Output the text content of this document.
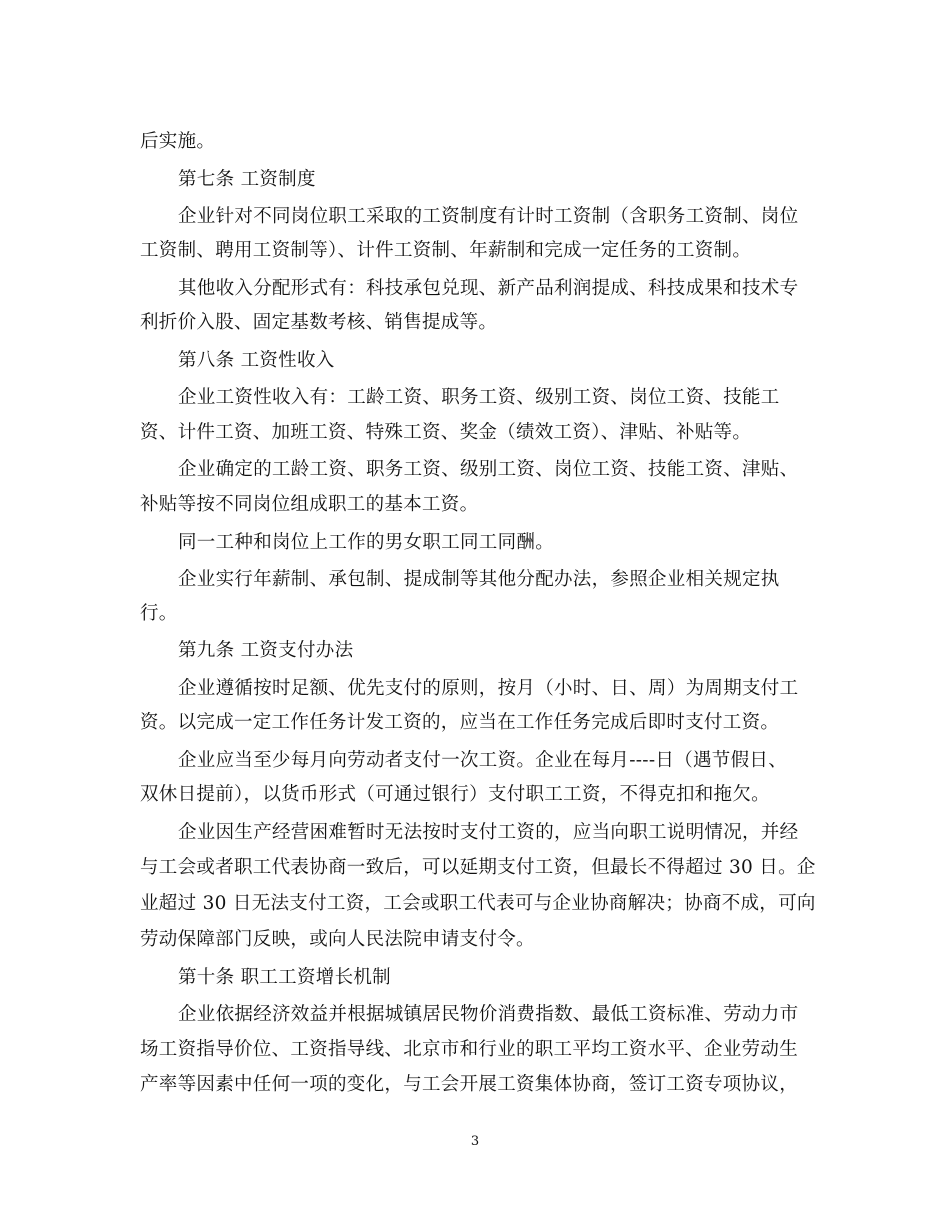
后实施。
第七条 工资制度
企业针对不同岗位职工采取的工资制度有计时工资制（含职务工资制、岗位
工资制、聘用工资制等）、计件工资制、年薪制和完成一定任务的工资制。
其他收入分配形式有：科技承包兑现、新产品利润提成、科技成果和技术专
利折价入股、固定基数考核、销售提成等。
第八条 工资性收入
企业工资性收入有：工龄工资、职务工资、级别工资、岗位工资、技能工
资、计件工资、加班工资、特殊工资、奖金（绩效工资）、津贴、补贴等。
企业确定的工龄工资、职务工资、级别工资、岗位工资、技能工资、津贴、
补贴等按不同岗位组成职工的基本工资。
同一工种和岗位上工作的男女职工同工同酬。
企业实行年薪制、承包制、提成制等其他分配办法，参照企业相关规定执
行。
第九条 工资支付办法
企业遵循按时足额、优先支付的原则，按月（小时、日、周）为周期支付工
资。以完成一定工作任务计发工资的，应当在工作任务完成后即时支付工资。
企业应当至少每月向劳动者支付一次工资。企业在每月----日（遇节假日、
双休日提前），以货币形式（可通过银行）支付职工工资，不得克扣和拖欠。
企业因生产经营困难暂时无法按时支付工资的，应当向职工说明情况，并经
与工会或者职工代表协商一致后，可以延期支付工资，但最长不得超过 30 日。企
业超过 30 日无法支付工资，工会或职工代表可与企业协商解决；协商不成，可向
劳动保障部门反映，或向人民法院申请支付令。
第十条 职工工资增长机制
企业依据经济效益并根据城镇居民物价消费指数、最低工资标准、劳动力市
场工资指导价位、工资指导线、北京市和行业的职工平均工资水平、企业劳动生
产率等因素中任何一项的变化，与工会开展工资集体协商，签订工资专项协议，
3
